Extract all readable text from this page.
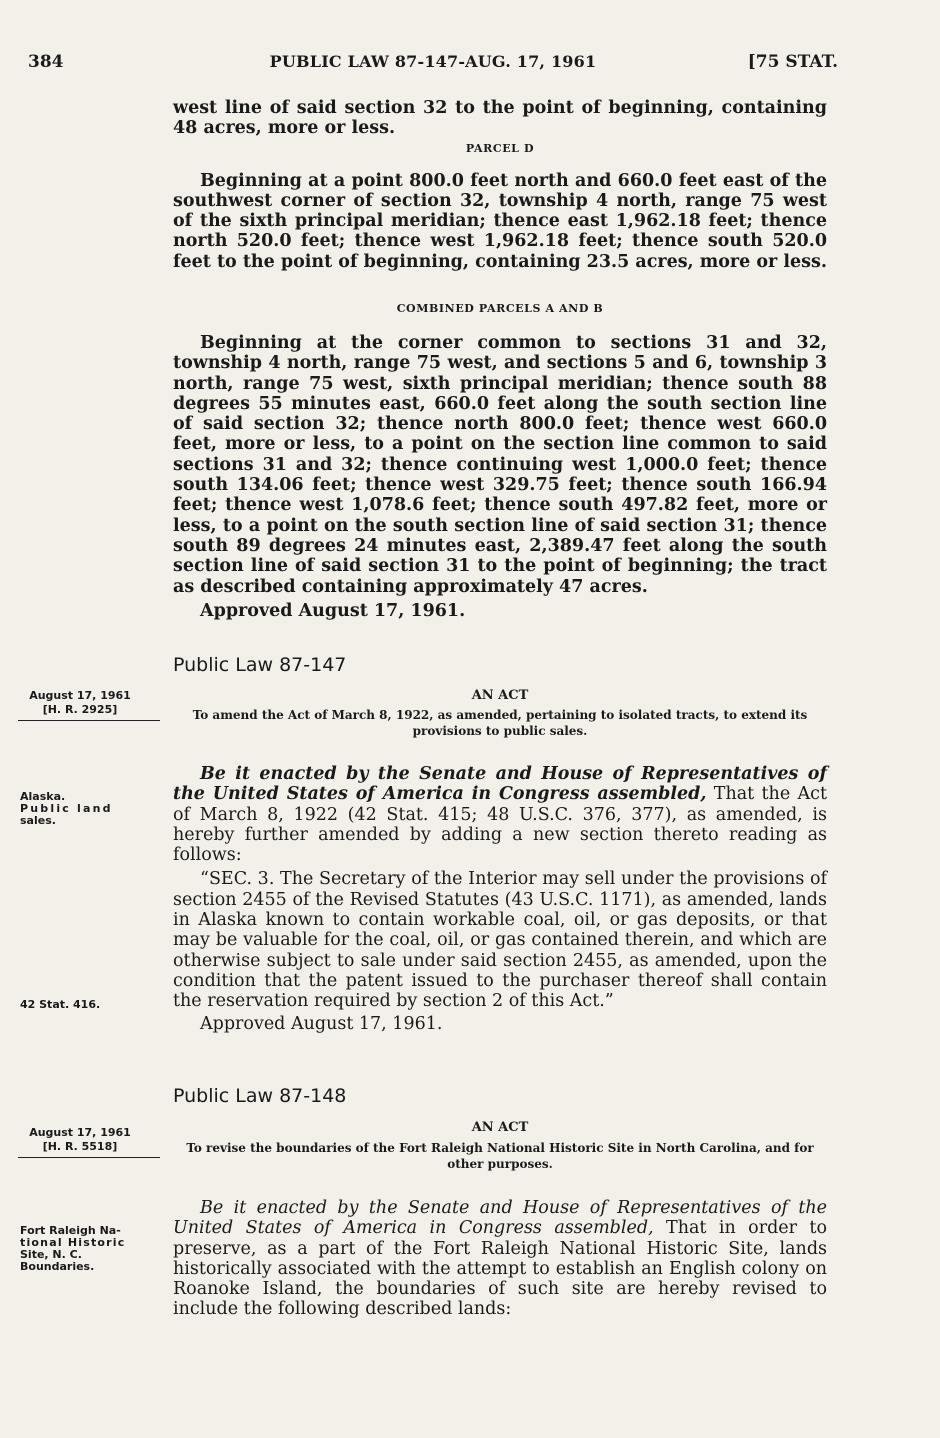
384	PUBLIC LAW 87-147-AUG. 17, 1961	[75 STAT.

west line of said section 32 to the point of beginning, containing 48 acres, more or less.

PARCEL D

Beginning at a point 800.0 feet north and 660.0 feet east of the southwest corner of section 32, township 4 north, range 75 west of the sixth principal meridian; thence east 1,962.18 feet; thence north 520.0 feet; thence west 1,962.18 feet; thence south 520.0 feet to the point of beginning, containing 23.5 acres, more or less.

COMBINED PARCELS A AND B

Beginning at the corner common to sections 31 and 32, township 4 north, range 75 west, and sections 5 and 6, township 3 north, range 75 west, sixth principal meridian; thence south 88 degrees 55 minutes east, 660.0 feet along the south section line of said section 32; thence north 800.0 feet; thence west 660.0 feet, more or less, to a point on the section line common to said sections 31 and 32; thence continuing west 1,000.0 feet; thence south 134.06 feet; thence west 329.75 feet; thence south 166.94 feet; thence west 1,078.6 feet; thence south 497.82 feet, more or less, to a point on the south section line of said section 31; thence south 89 degrees 24 minutes east, 2,389.47 feet along the south section line of said section 31 to the point of beginning; the tract as described containing approximately 47 acres.

Approved August 17, 1961.
Public Law 87-147
August 17, 1961
[H. R. 2925]
AN ACT
To amend the Act of March 8, 1922, as amended, pertaining to isolated tracts, to extend its provisions to public sales.
Alaska.
Public land
sales.

Be it enacted by the Senate and House of Representatives of the United States of America in Congress assembled, That the Act of March 8, 1922 (42 Stat. 415; 48 U.S.C. 376, 377), as amended, is hereby further amended by adding a new section thereto reading as follows:

“SEC. 3. The Secretary of the Interior may sell under the provisions of section 2455 of the Revised Statutes (43 U.S.C. 1171), as amended, lands in Alaska known to contain workable coal, oil, or gas deposits, or that may be valuable for the coal, oil, or gas contained therein, and which are otherwise subject to sale under said section 2455, as amended, upon the condition that the patent issued to the purchaser thereof shall contain the reservation required by section 2 of this Act.”

Approved August 17, 1961.
42 Stat. 416.
Public Law 87-148
August 17, 1961
[H. R. 5518]
AN ACT
To revise the boundaries of the Fort Raleigh National Historic Site in North Carolina, and for other purposes.
Fort Raleigh Na-
tional Historic
Site, N. C.
Boundaries.

Be it enacted by the Senate and House of Representatives of the United States of America in Congress assembled, That in order to preserve, as a part of the Fort Raleigh National Historic Site, lands historically associated with the attempt to establish an English colony on Roanoke Island, the boundaries of such site are hereby revised to include the following described lands:
